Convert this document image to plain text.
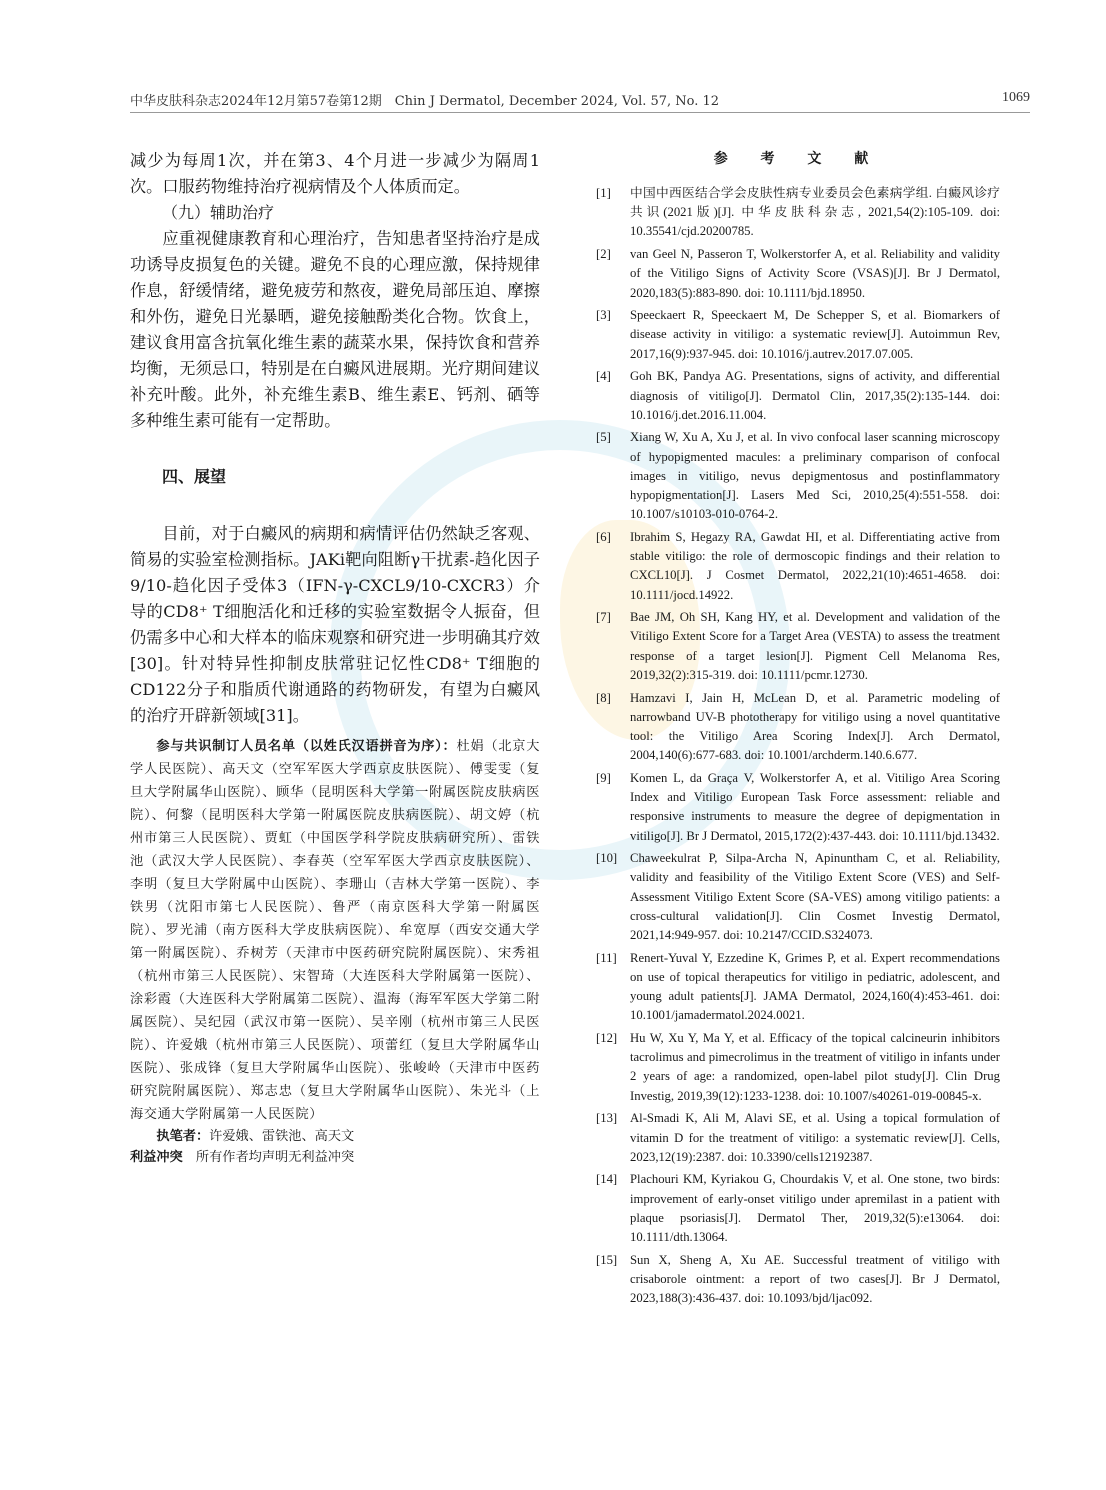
中华皮肤科杂志2024年12月第57卷第12期　Chin J Dermatol, December 2024, Vol. 57, No. 12	1069

减少为每周1次，并在第3、4个月进一步减少为隔周1次。口服药物维持治疗视病情及个人体质而定。

（九）辅助治疗

应重视健康教育和心理治疗，告知患者坚持治疗是成功诱导皮损复色的关键。避免不良的心理应激，保持规律作息，舒缓情绪，避免疲劳和熬夜，避免局部压迫、摩擦和外伤，避免日光暴晒，避免接触酚类化合物。饮食上，建议食用富含抗氧化维生素的蔬菜水果，保持饮食和营养均衡，无须忌口，特别是在白癜风进展期。光疗期间建议补充叶酸。此外，补充维生素B、维生素E、钙剂、硒等多种维生素可能有一定帮助。

四、展望

目前，对于白癜风的病期和病情评估仍然缺乏客观、简易的实验室检测指标。JAKi靶向阻断γ干扰素-趋化因子9/10-趋化因子受体3（IFN-γ-CXCL9/10-CXCR3）介导的CD8⁺ T细胞活化和迁移的实验室数据令人振奋，但仍需多中心和大样本的临床观察和研究进一步明确其疗效[30]。针对特异性抑制皮肤常驻记忆性CD8⁺ T细胞的CD122分子和脂质代谢通路的药物研发，有望为白癜风的治疗开辟新领域[31]。

参与共识制订人员名单（以姓氏汉语拼音为序）：杜娟（北京大学人民医院）、高天文（空军军医大学西京皮肤医院）、傅雯雯（复旦大学附属华山医院）、顾华（昆明医科大学第一附属医院皮肤病医院）、何黎（昆明医科大学第一附属医院皮肤病医院）、胡文婷（杭州市第三人民医院）、贾虹（中国医学科学院皮肤病研究所）、雷铁池（武汉大学人民医院）、李春英（空军军医大学西京皮肤医院）、李明（复旦大学附属中山医院）、李珊山（吉林大学第一医院）、李铁男（沈阳市第七人民医院）、鲁严（南京医科大学第一附属医院）、罗光浦（南方医科大学皮肤病医院）、牟宽厚（西安交通大学第一附属医院）、乔树芳（天津市中医药研究院附属医院）、宋秀祖（杭州市第三人民医院）、宋智琦（大连医科大学附属第一医院）、涂彩霞（大连医科大学附属第二医院）、温海（海军军医大学第二附属医院）、吴纪园（武汉市第一医院）、吴辛刚（杭州市第三人民医院）、许爱娥（杭州市第三人民医院）、项蕾红（复旦大学附属华山医院）、张成锋（复旦大学附属华山医院）、张峻岭（天津市中医药研究院附属医院）、郑志忠（复旦大学附属华山医院）、朱光斗（上海交通大学附属第一人民医院）

执笔者：许爱娥、雷铁池、高天文

利益冲突　所有作者均声明无利益冲突

参 考 文 献

[1]	中国中西医结合学会皮肤性病专业委员会色素病学组. 白癜风诊疗共识(2021版)[J]. 中华皮肤科杂志, 2021,54(2):105-109. doi: 10.35541/cjd.20200785.
[2]	van Geel N, Passeron T, Wolkerstorfer A, et al. Reliability and validity of the Vitiligo Signs of Activity Score (VSAS)[J]. Br J Dermatol, 2020,183(5):883-890. doi: 10.1111/bjd.18950.
[3]	Speeckaert R, Speeckaert M, De Schepper S, et al. Biomarkers of disease activity in vitiligo: a systematic review[J]. Autoimmun Rev, 2017,16(9):937-945. doi: 10.1016/j.autrev.2017.07.005.
[4]	Goh BK, Pandya AG. Presentations, signs of activity, and differential diagnosis of vitiligo[J]. Dermatol Clin, 2017,35(2):135-144. doi: 10.1016/j.det.2016.11.004.
[5]	Xiang W, Xu A, Xu J, et al. In vivo confocal laser scanning microscopy of hypopigmented macules: a preliminary comparison of confocal images in vitiligo, nevus depigmentosus and postinflammatory hypopigmentation[J]. Lasers Med Sci, 2010,25(4):551-558. doi: 10.1007/s10103-010-0764-2.
[6]	Ibrahim S, Hegazy RA, Gawdat HI, et al. Differentiating active from stable vitiligo: the role of dermoscopic findings and their relation to CXCL10[J]. J Cosmet Dermatol, 2022,21(10):4651-4658. doi: 10.1111/jocd.14922.
[7]	Bae JM, Oh SH, Kang HY, et al. Development and validation of the Vitiligo Extent Score for a Target Area (VESTA) to assess the treatment response of a target lesion[J]. Pigment Cell Melanoma Res, 2019,32(2):315-319. doi: 10.1111/pcmr.12730.
[8]	Hamzavi I, Jain H, McLean D, et al. Parametric modeling of narrowband UV-B phototherapy for vitiligo using a novel quantitative tool: the Vitiligo Area Scoring Index[J]. Arch Dermatol, 2004,140(6):677-683. doi: 10.1001/archderm.140.6.677.
[9]	Komen L, da Graça V, Wolkerstorfer A, et al. Vitiligo Area Scoring Index and Vitiligo European Task Force assessment: reliable and responsive instruments to measure the degree of depigmentation in vitiligo[J]. Br J Dermatol, 2015,172(2):437-443. doi: 10.1111/bjd.13432.
[10]	Chaweekulrat P, Silpa-Archa N, Apinuntham C, et al. Reliability, validity and feasibility of the Vitiligo Extent Score (VES) and Self-Assessment Vitiligo Extent Score (SA-VES) among vitiligo patients: a cross-cultural validation[J]. Clin Cosmet Investig Dermatol, 2021,14:949-957. doi: 10.2147/CCID.S324073.
[11]	Renert-Yuval Y, Ezzedine K, Grimes P, et al. Expert recommendations on use of topical therapeutics for vitiligo in pediatric, adolescent, and young adult patients[J]. JAMA Dermatol, 2024,160(4):453-461. doi: 10.1001/jamadermatol.2024.0021.
[12]	Hu W, Xu Y, Ma Y, et al. Efficacy of the topical calcineurin inhibitors tacrolimus and pimecrolimus in the treatment of vitiligo in infants under 2 years of age: a randomized, open-label pilot study[J]. Clin Drug Investig, 2019,39(12):1233-1238. doi: 10.1007/s40261-019-00845-x.
[13]	Al-Smadi K, Ali M, Alavi SE, et al. Using a topical formulation of vitamin D for the treatment of vitiligo: a systematic review[J]. Cells, 2023,12(19):2387. doi: 10.3390/cells12192387.
[14]	Plachouri KM, Kyriakou G, Chourdakis V, et al. One stone, two birds: improvement of early-onset vitiligo under apremilast in a patient with plaque psoriasis[J]. Dermatol Ther, 2019,32(5):e13064. doi: 10.1111/dth.13064.
[15]	Sun X, Sheng A, Xu AE. Successful treatment of vitiligo with crisaborole ointment: a report of two cases[J]. Br J Dermatol, 2023,188(3):436-437. doi: 10.1093/bjd/ljac092.
